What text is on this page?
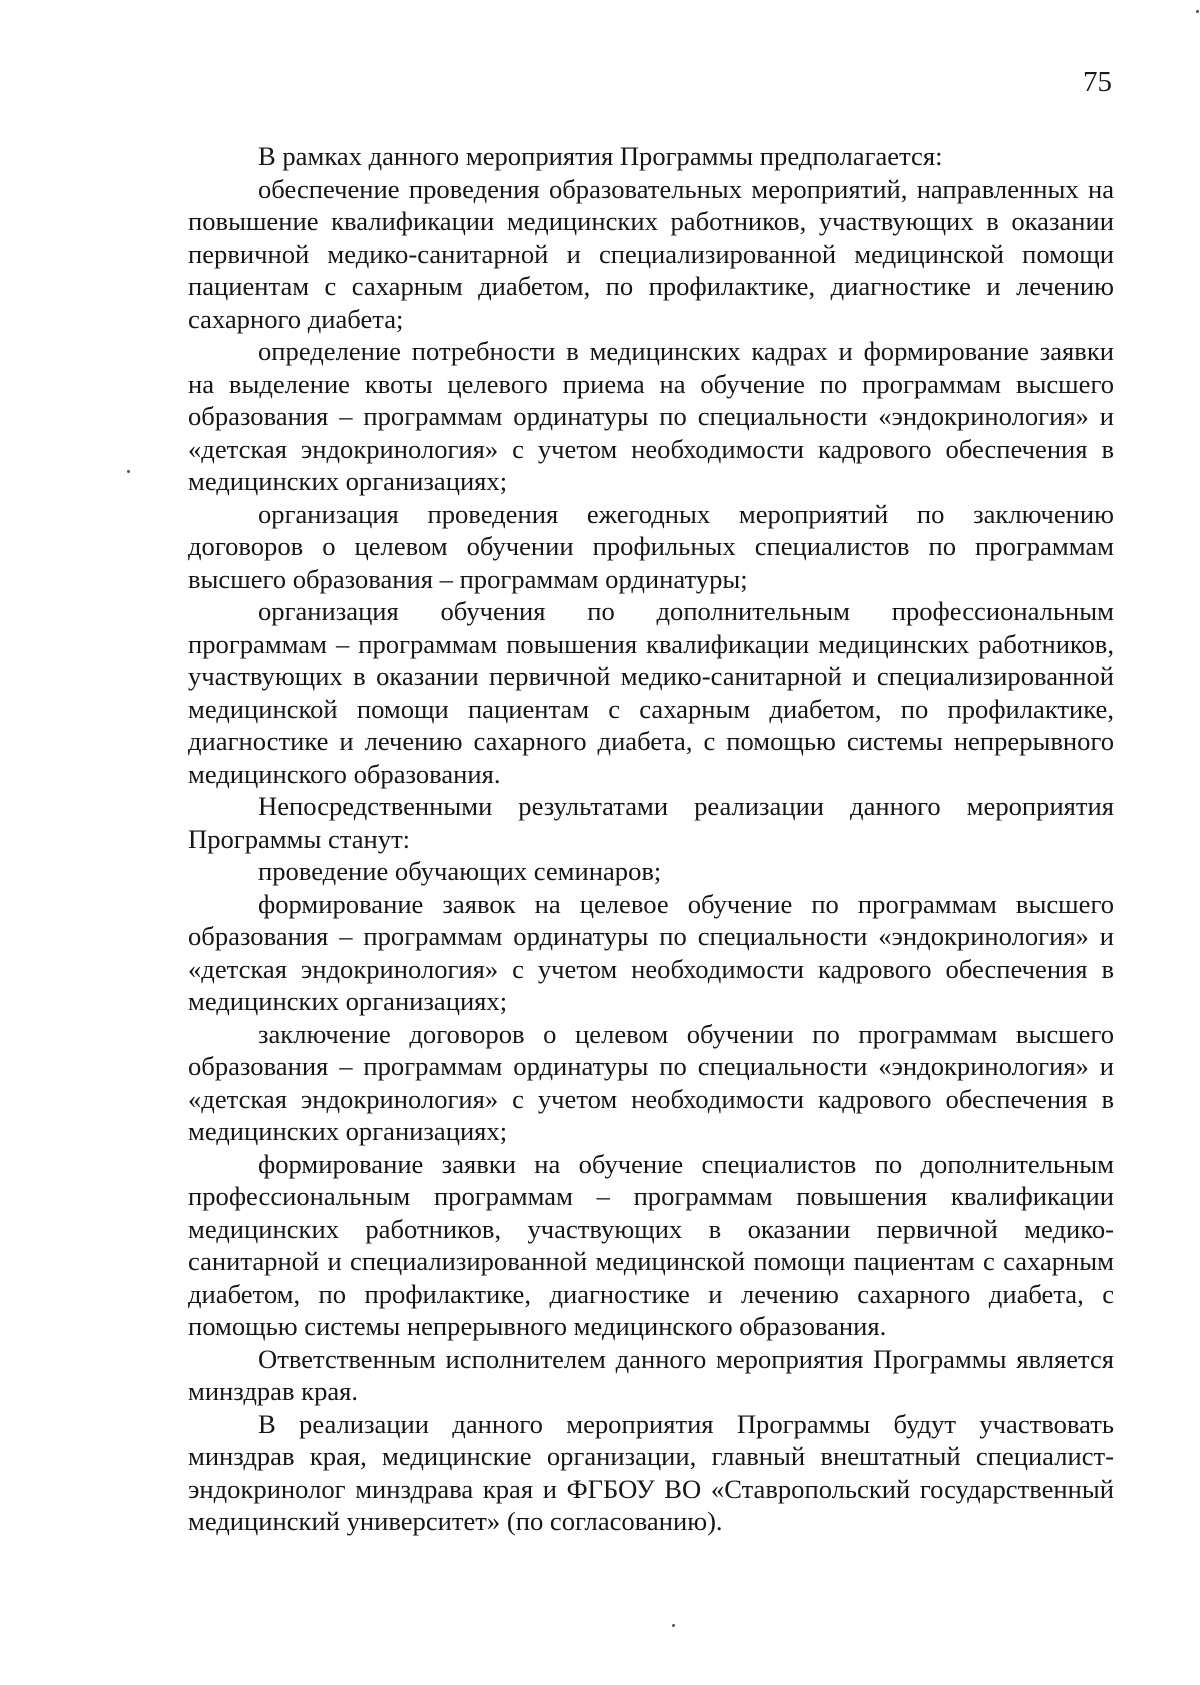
75

В рамках данного мероприятия Программы предполагается:

обеспечение проведения образовательных мероприятий, направленных на повышение квалификации медицинских работников, участвующих в оказании первичной медико-санитарной и специализированной медицинской помощи пациентам с сахарным диабетом, по профилактике, диагностике и лечению сахарного диабета;

определение потребности в медицинских кадрах и формирование заявки на выделение квоты целевого приема на обучение по программам высшего образования – программам ординатуры по специальности «эндокринология» и «детская эндокринология» с учетом необходимости кадрового обеспечения в медицинских организациях;

организация проведения ежегодных мероприятий по заключению договоров о целевом обучении профильных специалистов по программам высшего образования – программам ординатуры;

организация обучения по дополнительным профессиональным программам – программам повышения квалификации медицинских работников, участвующих в оказании первичной медико-санитарной и специализированной медицинской помощи пациентам с сахарным диабетом, по профилактике, диагностике и лечению сахарного диабета, с помощью системы непрерывного медицинского образования.

Непосредственными результатами реализации данного мероприятия Программы станут:

проведение обучающих семинаров;

формирование заявок на целевое обучение по программам высшего образования – программам ординатуры по специальности «эндокринология» и «детская эндокринология» с учетом необходимости кадрового обеспечения в медицинских организациях;

заключение договоров о целевом обучении по программам высшего образования – программам ординатуры по специальности «эндокринология» и «детская эндокринология» с учетом необходимости кадрового обеспечения в медицинских организациях;

формирование заявки на обучение специалистов по дополнительным профессиональным программам – программам повышения квалификации медицинских работников, участвующих в оказании первичной медико-санитарной и специализированной медицинской помощи пациентам с сахарным диабетом, по профилактике, диагностике и лечению сахарного диабета, с помощью системы непрерывного медицинского образования.

Ответственным исполнителем данного мероприятия Программы является минздрав края.

В реализации данного мероприятия Программы будут участвовать минздрав края, медицинские организации, главный внештатный специалист-эндокринолог минздрава края и ФГБОУ ВО «Ставропольский государственный медицинский университет» (по согласованию).
